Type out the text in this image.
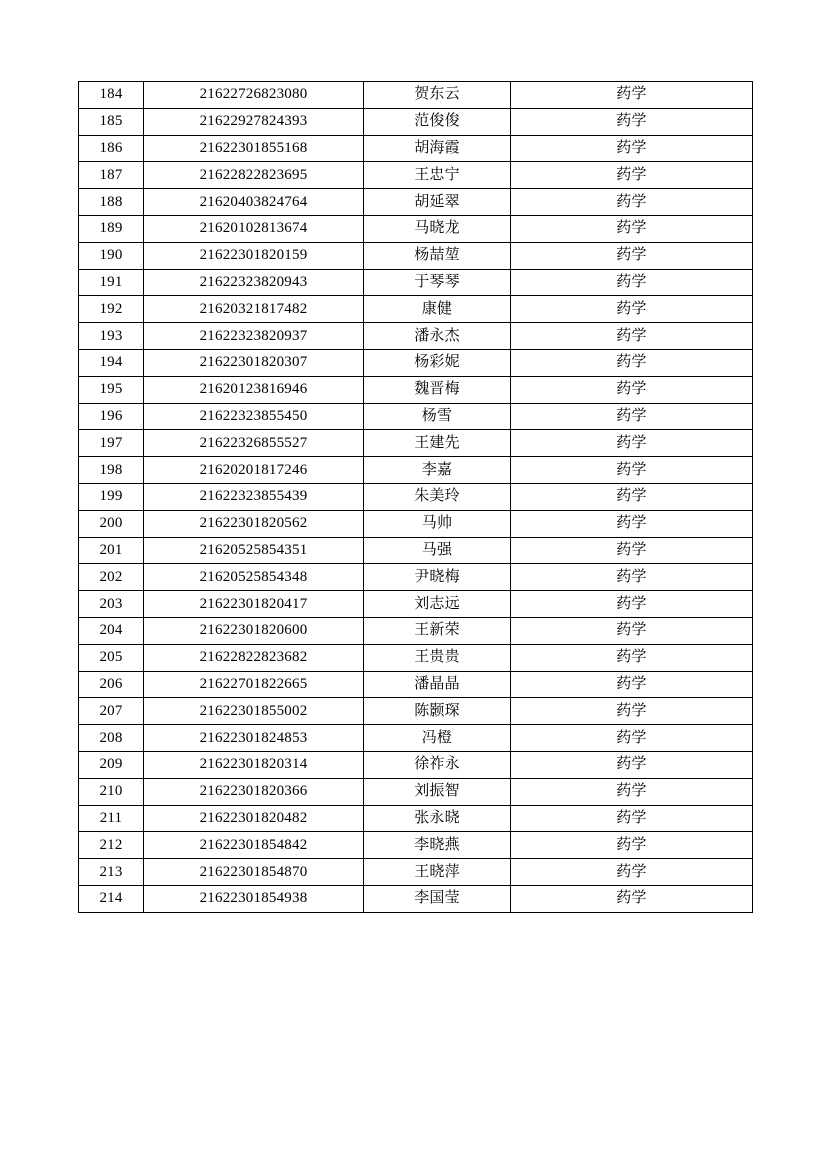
184	21622726823080	贺东云	药学
185	21622927824393	范俊俊	药学
186	21622301855168	胡海霞	药学
187	21622822823695	王忠宁	药学
188	21620403824764	胡延翠	药学
189	21620102813674	马晓龙	药学
190	21622301820159	杨喆堃	药学
191	21622323820943	于琴琴	药学
192	21620321817482	康健	药学
193	21622323820937	潘永杰	药学
194	21622301820307	杨彩妮	药学
195	21620123816946	魏晋梅	药学
196	21622323855450	杨雪	药学
197	21622326855527	王建先	药学
198	21620201817246	李嘉	药学
199	21622323855439	朱美玲	药学
200	21622301820562	马帅	药学
201	21620525854351	马强	药学
202	21620525854348	尹晓梅	药学
203	21622301820417	刘志远	药学
204	21622301820600	王新荣	药学
205	21622822823682	王贵贵	药学
206	21622701822665	潘晶晶	药学
207	21622301855002	陈颢琛	药学
208	21622301824853	冯橙	药学
209	21622301820314	徐祚永	药学
210	21622301820366	刘振智	药学
211	21622301820482	张永晓	药学
212	21622301854842	李晓燕	药学
213	21622301854870	王晓萍	药学
214	21622301854938	李国莹	药学
